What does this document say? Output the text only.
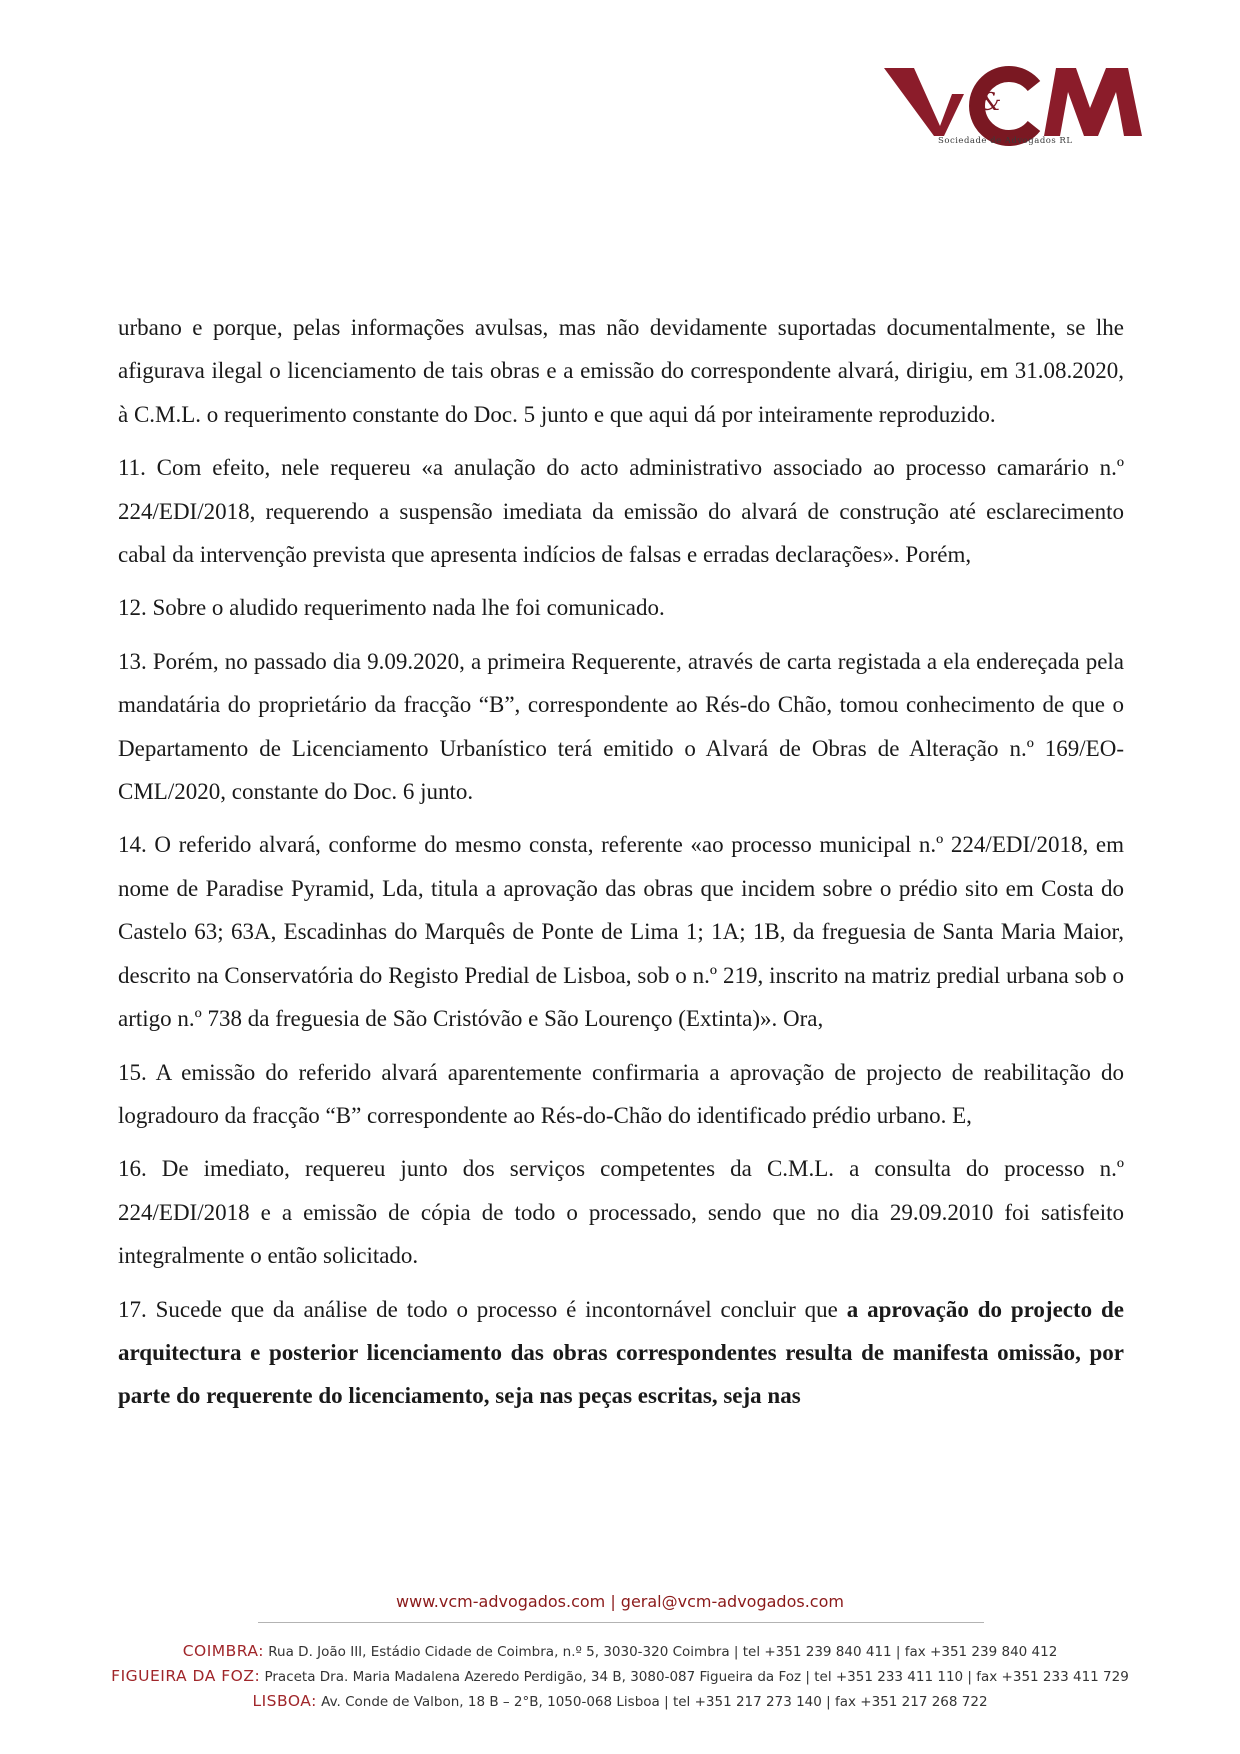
&
Sociedade de Advogados RL

urbano e porque, pelas informações avulsas, mas não devidamente suportadas documentalmente, se lhe afigurava ilegal o licenciamento de tais obras e a emissão do correspondente alvará, dirigiu, em 31.08.2020, à C.M.L. o requerimento constante do Doc. 5 junto e que aqui dá por inteiramente reproduzido.

11. Com efeito, nele requereu «a anulação do acto administrativo associado ao processo camarário n.º 224/EDI/2018, requerendo a suspensão imediata da emissão do alvará de construção até esclarecimento cabal da intervenção prevista que apresenta indícios de falsas e erradas declarações». Porém,

12. Sobre o aludido requerimento nada lhe foi comunicado.

13. Porém, no passado dia 9.09.2020, a primeira Requerente, através de carta registada a ela endereçada pela mandatária do proprietário da fracção “B”, correspondente ao Rés-do Chão, tomou conhecimento de que o Departamento de Licenciamento Urbanístico terá emitido o Alvará de Obras de Alteração n.º 169/EO-CML/2020, constante do Doc. 6 junto.

14. O referido alvará, conforme do mesmo consta, referente «ao processo municipal n.º 224/EDI/2018, em nome de Paradise Pyramid, Lda, titula a aprovação das obras que incidem sobre o prédio sito em Costa do Castelo 63; 63A, Escadinhas do Marquês de Ponte de Lima 1; 1A; 1B, da freguesia de Santa Maria Maior, descrito na Conservatória do Registo Predial de Lisboa, sob o n.º 219, inscrito na matriz predial urbana sob o artigo n.º 738 da freguesia de São Cristóvão e São Lourenço (Extinta)». Ora,

15. A emissão do referido alvará aparentemente confirmaria a aprovação de projecto de reabilitação do logradouro da fracção “B” correspondente ao Rés-do-Chão do identificado prédio urbano. E,

16. De imediato, requereu junto dos serviços competentes da C.M.L. a consulta do processo n.º 224/EDI/2018 e a emissão de cópia de todo o processado, sendo que no dia 29.09.2010 foi satisfeito integralmente o então solicitado.

17. Sucede que da análise de todo o processo é incontornável concluir que a aprovação do projecto de arquitectura e posterior licenciamento das obras correspondentes resulta de manifesta omissão, por parte do requerente do licenciamento, seja nas peças escritas, seja nas

www.vcm-advogados.com | geral@vcm-advogados.com
COIMBRA: Rua D. João III, Estádio Cidade de Coimbra, n.º 5, 3030-320 Coimbra | tel +351 239 840 411 | fax +351 239 840 412
FIGUEIRA DA FOZ: Praceta Dra. Maria Madalena Azeredo Perdigão, 34 B, 3080-087 Figueira da Foz | tel +351 233 411 110 | fax +351 233 411 729
LISBOA: Av. Conde de Valbon, 18 B – 2°B, 1050-068 Lisboa | tel +351 217 273 140 | fax +351 217 268 722
